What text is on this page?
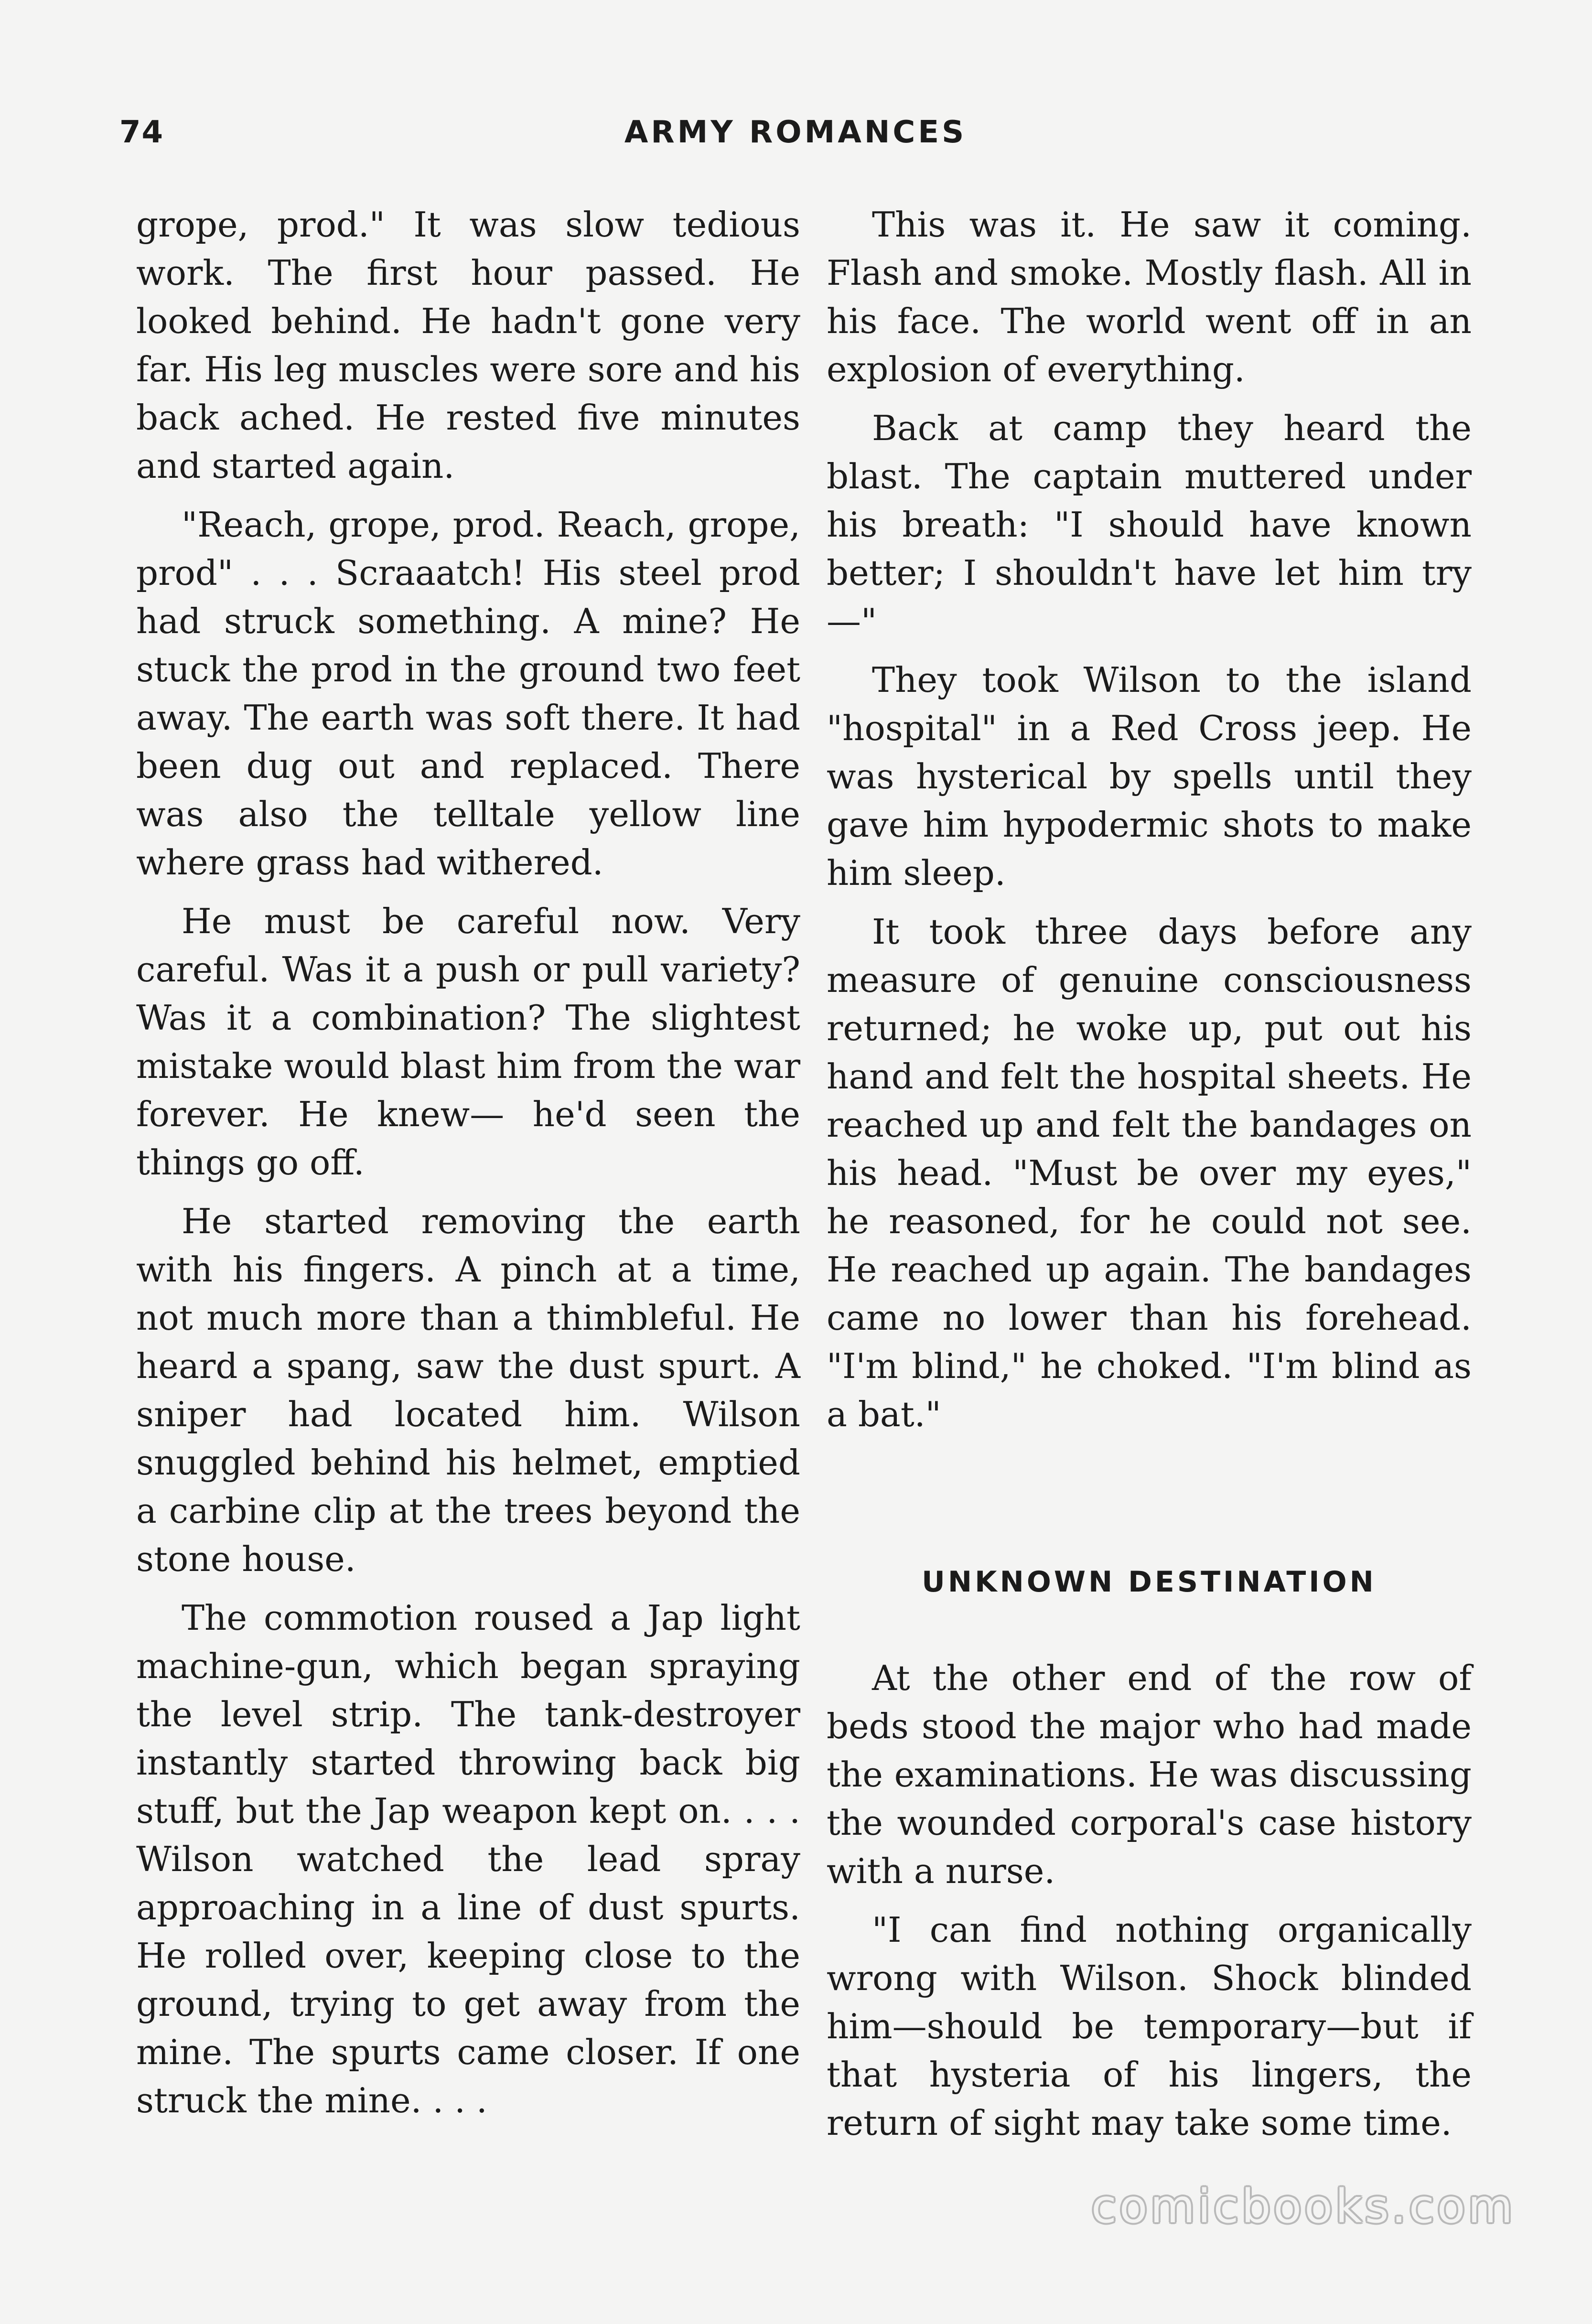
74	ARMY ROMANCES

grope, prod." It was slow tedious work. The first hour passed. He looked behind. He hadn't gone very far. His leg muscles were sore and his back ached. He rested five minutes and started again.

"Reach, grope, prod. Reach, grope, prod" . . . Scraaatch! His steel prod had struck something. A mine? He stuck the prod in the ground two feet away. The earth was soft there. It had been dug out and replaced. There was also the telltale yellow line where grass had withered.

He must be careful now. Very careful. Was it a push or pull variety? Was it a combination? The slightest mistake would blast him from the war forever. He knew— he'd seen the things go off.

He started removing the earth with his fingers. A pinch at a time, not much more than a thimbleful. He heard a spang, saw the dust spurt. A sniper had located him. Wilson snuggled behind his helmet, emptied a carbine clip at the trees beyond the stone house.

The commotion roused a Jap light machine-gun, which began spraying the level strip. The tank-destroyer instantly started throwing back big stuff, but the Jap weapon kept on. . . . Wilson watched the lead spray approaching in a line of dust spurts. He rolled over, keeping close to the ground, trying to get away from the mine. The spurts came closer. If one struck the mine. . . .

This was it. He saw it coming. Flash and smoke. Mostly flash. All in his face. The world went off in an explosion of everything.

Back at camp they heard the blast. The captain muttered under his breath: "I should have known better; I shouldn't have let him try—"

They took Wilson to the island "hospital" in a Red Cross jeep. He was hysterical by spells until they gave him hypodermic shots to make him sleep.

It took three days before any measure of genuine consciousness returned; he woke up, put out his hand and felt the hospital sheets. He reached up and felt the bandages on his head. "Must be over my eyes," he reasoned, for he could not see. He reached up again. The bandages came no lower than his forehead. "I'm blind," he choked. "I'm blind as a bat."

UNKNOWN DESTINATION

At the other end of the row of beds stood the major who had made the examinations. He was discussing the wounded corporal's case history with a nurse.

"I can find nothing organically wrong with Wilson. Shock blinded him—should be temporary—but if that hysteria of his lingers, the return of sight may take some time.

comicbooks.com
